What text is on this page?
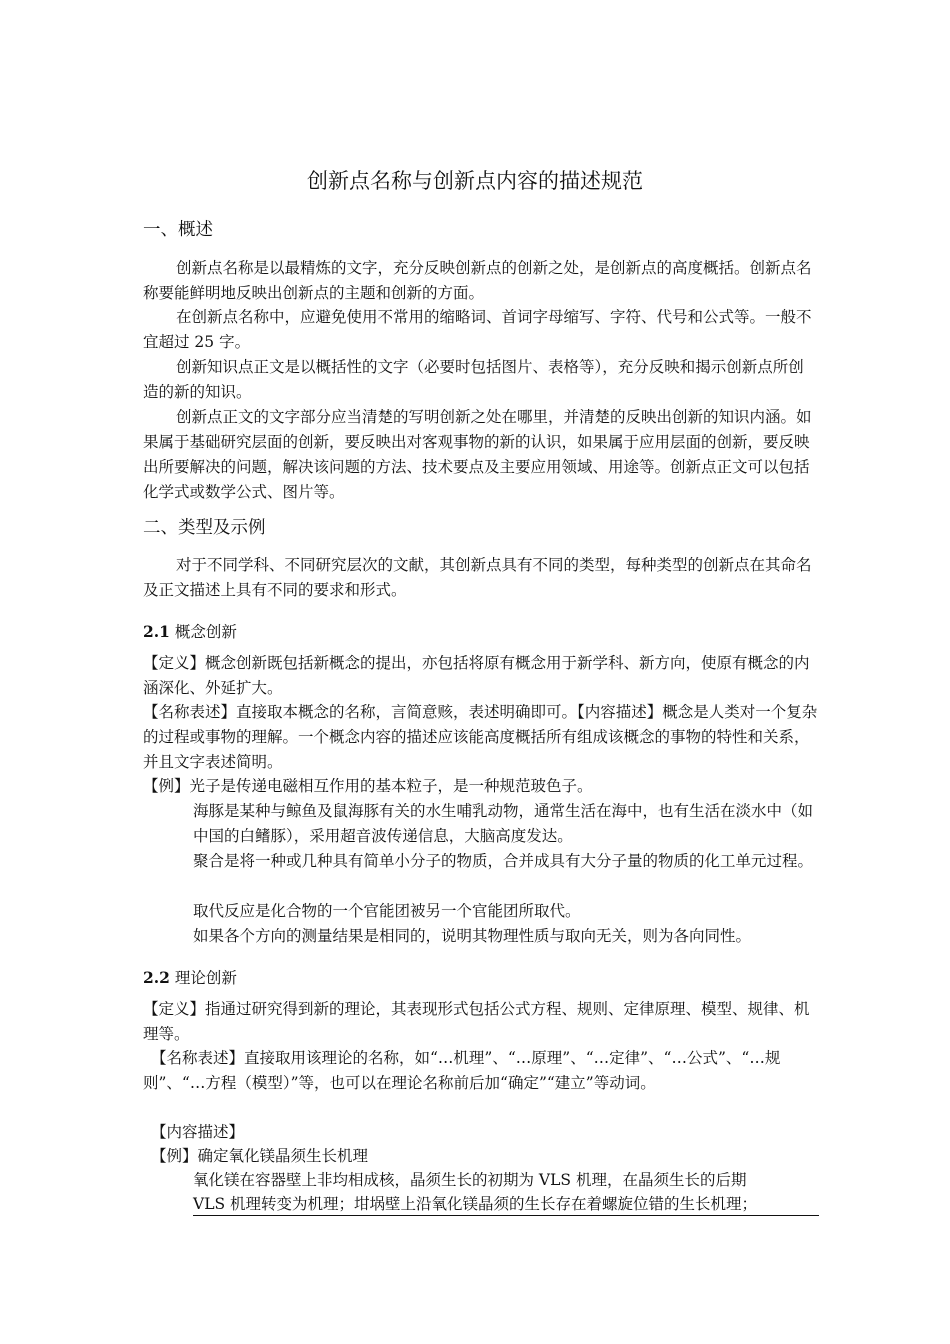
创新点名称与创新点内容的描述规范
一、概述

创新点名称是以最精炼的文字，充分反映创新点的创新之处，是创新点的高度概括。创新点名称要能鲜明地反映出创新点的主题和创新的方面。

在创新点名称中，应避免使用不常用的缩略词、首词字母缩写、字符、代号和公式等。一般不宜超过 25 字。

创新知识点正文是以概括性的文字（必要时包括图片、表格等），充分反映和揭示创新点所创造的新的知识。

创新点正文的文字部分应当清楚的写明创新之处在哪里，并清楚的反映出创新的知识内涵。如果属于基础研究层面的创新，要反映出对客观事物的新的认识，如果属于应用层面的创新，要反映出所要解决的问题，解决该问题的方法、技术要点及主要应用领域、用途等。创新点正文可以包括化学式或数学公式、图片等。

二、类型及示例

对于不同学科、不同研究层次的文献，其创新点具有不同的类型，每种类型的创新点在其命名及正文描述上具有不同的要求和形式。

2.1 概念创新

【定义】概念创新既包括新概念的提出，亦包括将原有概念用于新学科、新方向，使原有概念的内涵深化、外延扩大。

【名称表述】直接取本概念的名称，言简意赅，表述明确即可。【内容描述】概念是人类对一个复杂的过程或事物的理解。一个概念内容的描述应该能高度概括所有组成该概念的事物的特性和关系，并且文字表述简明。

【例】光子是传递电磁相互作用的基本粒子，是一种规范玻色子。

海豚是某种与鲸鱼及鼠海豚有关的水生哺乳动物，通常生活在海中，也有生活在淡水中（如中国的白鳍豚），采用超音波传递信息，大脑高度发达。

聚合是将一种或几种具有简单小分子的物质，合并成具有大分子量的物质的化工单元过程。

取代反应是化合物的一个官能团被另一个官能团所取代。

如果各个方向的测量结果是相同的，说明其物理性质与取向无关，则为各向同性。

2.2 理论创新

【定义】指通过研究得到新的理论，其表现形式包括公式方程、规则、定律原理、模型、规律、机理等。

【名称表述】直接取用该理论的名称，如“…机理”、“…原理”、“…定律”、“…公式”、“…规则”、“…方程（模型）”等，也可以在理论名称前后加“确定”“建立”等动词。

【内容描述】

【例】确定氧化镁晶须生长机理

氧化镁在容器壁上非均相成核，晶须生长的初期为 VLS 机理，在晶须生长的后期

VLS 机理转变为机理；坩埚壁上沿氧化镁晶须的生长存在着螺旋位错的生长机理；
